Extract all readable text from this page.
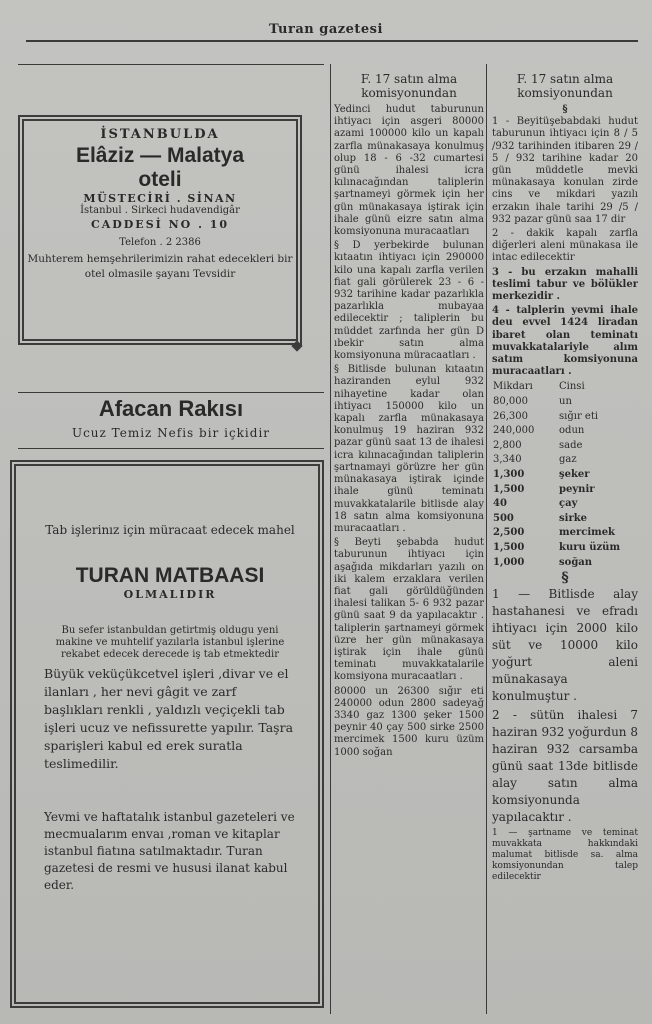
Turan gazetesi
İSTANBULDA
Elâziz — Malatya
oteli
MÜSTECİRİ . SİNAN
İstanbul . Sirkeci hudavendigâr
CADDESİ NO . 10
Telefon . 2 2386
Muhterem hemşehrilerimizin rahat edecekleri bir otel olmasile şayanı Tevsidir
Afacan Rakısı
Ucuz Temiz Nefis bir içkidir
Tab işlerinız için müracaat edecek mahel
TURAN MATBAASI
OLMALIDIR
Bu sefer istanbuldan getirtmiş oldugu yeni makine ve muhtelif yazılarla istanbul işlerine rekabet edecek derecede iş tab etmektedir
Büyük veküçükcetvel işleri ,divar ve el ilanları , her nevi gâgit ve zarf başlıkları renkli , yaldızlı veçiçekli tab işleri ucuz ve nefissurette yapılır. Taşra sparişleri kabul ed erek suratla teslimedilir.
Yevmi ve haftatalık istanbul gazeteleri ve mecmualarım envaı ,roman ve kitaplar istanbul fiatına satılmaktadır. Turan gazetesi de resmi ve hususi ilanat kabul eder.
F. 17 satın alma komisyonundan

Yedinci hudut taburunun ihtiyacı için asgeri 80000 azami 100000 kilo un kapalı zarfla münakasaya konulmuş olup 18 - 6 -32 cumartesi günü ihalesi icra kılınacağından taliplerin şartnameyi görmek için her gün münakasaya iştirak için ihale günü eizre satın alma komsiyonuna muracaatları

§ D yerbekirde bulunan kıtaatın ihtiyacı için 290000 kilo una kapalı zarfla verilen fiat gali görülerek 23 - 6 - 932 tarihine kadar pazarlıkla pazarlıkla mubayaa edilecektir ; taliplerin bu müddet zarfında her gün D ıbekir satın alma komsiyonuna müracaatları .

§ Bitlisde bulunan kıtaatın haziranden eylul 932 nihayetine kadar olan ihtiyacı 150000 kilo un kapalı zarfla münakasaya konulmuş 19 haziran 932 pazar günü saat 13 de ihalesi icra kılınacağından taliplerin şartnamayi görüzre her gün münakasaya iştirak içinde ihale günü teminatı muvakkatalarile bitlisde alay 18 satın alma komsiyonuna muracaatları .

§ Beyti şebabda hudut taburunun ihtiyacı için aşağıda mikdarları yazılı on iki kalem erzaklara verilen fiat gali görüldüğünden ihalesi talikan 5- 6 932 pazar günü saat 9 da yapılacaktır . taliplerin şartnameyi görmek üzre her gün münakasaya iştirak için ihale günü teminatı muvakkatalarile komsiyona muracaatları .

80000 un 26300 sığır eti 240000 odun 2800 sadeyağ 3340 gaz 1300 şeker 1500 peynir 40 çay 500 sirke 2500 mercimek 1500 kuru üzüm 1000 soğan

F. 17 satın alma komsiyonundan
§

1 - Beyitüşebabdaki hudut taburunun ihtiyacı için 8 / 5 /932 tarihinden itibaren 29 / 5 / 932 tarihine kadar 20 gün müddetle mevki münakasaya konulan zirde cins ve mikdari yazılı erzakın ihale tarihi 29 /5 / 932 pazar günü saa 17 dir

2 - dakik kapalı zarfla diğerleri aleni münakasa ile intac edilecektir

3 - bu erzakın mahalli teslimi tabur ve bölükler merkezidir .

4 - talplerin yevmi ihale deu evvel 1424 liradan ibaret olan teminatı muvakkatalariyle alım satım komsiyonuna muracaatları .

Mikdarı	Cinsi
80,000	un
26,300	sığır eti
240,000	odun
2,800	sade
3,340	gaz
1,300	şeker
1,500	peynir
40	çay
500	sirke
2,500	mercimek
1,500	kuru üzüm
1,000	soğan
§

1 — Bitlisde alay hastahanesi ve efradı ihtiyacı için 2000 kilo süt ve 10000 kilo yoğurt aleni münakasaya konulmuştur .

2 - sütün ihalesi 7 haziran 932 yoğurdun 8 haziran 932 carsamba günü saat 13de bitlisde alay satın alma komsiyonunda yapılacaktır .

1 — şartname ve teminat muvakkata hakkındaki malumat bitlisde sa. alma komsiyonundan talep edilecektir
